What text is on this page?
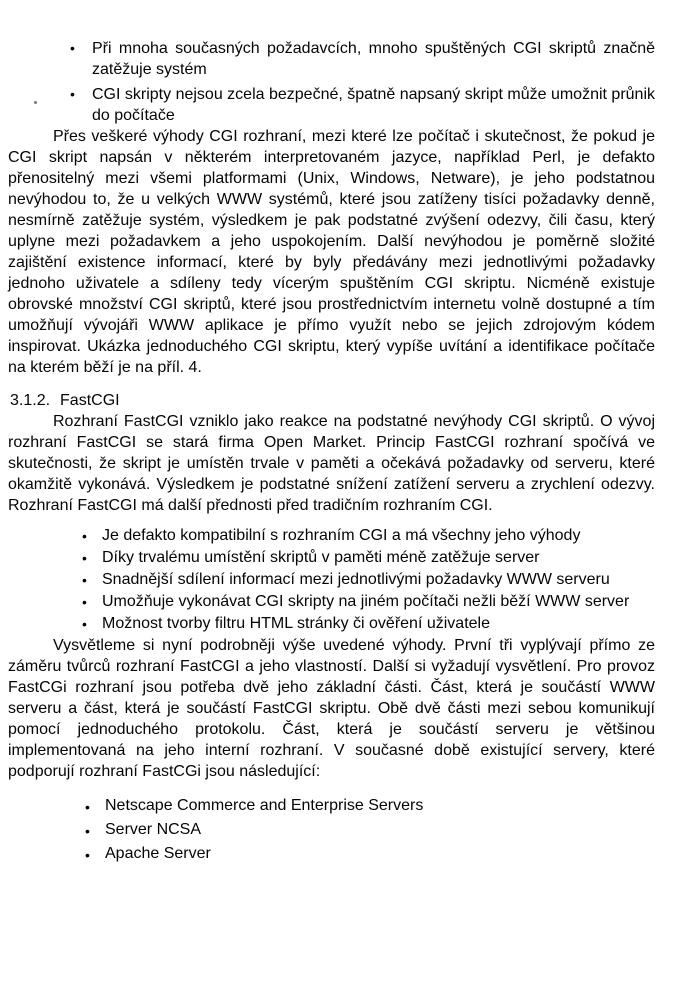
• Při mnoha současných požadavcích, mnoho spuštěných CGI skriptů značně zatěžuje systém
• CGI skripty nejsou zcela bezpečné, špatně napsaný skript může umožnit průnik do počítače

Přes veškeré výhody CGI rozhraní, mezi které lze počítač i skutečnost, že pokud je CGI skript napsán v některém interpretovaném jazyce, například Perl, je defakto přenositelný mezi všemi platformami (Unix, Windows, Netware), je jeho podstatnou nevýhodou to, že u velkých WWW systémů, které jsou zatíženy tisíci požadavky denně, nesmírně zatěžuje systém, výsledkem je pak podstatné zvýšení odezvy, čili času, který uplyne mezi požadavkem a jeho uspokojením. Další nevýhodou je poměrně složité zajištění existence informací, které by byly předávány mezi jednotlivými požadavky jednoho uživatele a sdíleny tedy vícerým spuštěním CGI skriptu. Nicméně existuje obrovské množství CGI skriptů, které jsou prostřednictvím internetu volně dostupné a tím umožňují vývojáři WWW aplikace je přímo využít nebo se jejich zdrojovým kódem inspirovat. Ukázka jednoduchého CGI skriptu, který vypíše uvítání a identifikace počítače na kterém běží je na příl. 4.

3.1.2. FastCGI

Rozhraní FastCGI vzniklo jako reakce na podstatné nevýhody CGI skriptů. O vývoj rozhraní FastCGI se stará firma Open Market. Princip FastCGI rozhraní spočívá ve skutečnosti, že skript je umístěn trvale v paměti a očekává požadavky od serveru, které okamžitě vykonává. Výsledkem je podstatné snížení zatížení serveru a zrychlení odezvy. Rozhraní FastCGI má další přednosti před tradičním rozhraním CGI.

• Je defakto kompatibilní s rozhraním CGI a má všechny jeho výhody
• Díky trvalému umístění skriptů v paměti méně zatěžuje server
• Snadnější sdílení informací mezi jednotlivými požadavky WWW serveru
• Umožňuje vykonávat CGI skripty na jiném počítači nežli běží WWW server
• Možnost tvorby filtru HTML stránky či ověření uživatele

Vysvětleme si nyní podrobněji výše uvedené výhody. První tři vyplývají přímo ze záměru tvůrců rozhraní FastCGI a jeho vlastností. Další si vyžadují vysvětlení. Pro provoz FastCGi rozhraní jsou potřeba dvě jeho základní části. Část, která je součástí WWW serveru a část, která je součástí FastCGI skriptu. Obě dvě části mezi sebou komunikují pomocí jednoduchého protokolu. Část, která je součástí serveru je většinou implementovaná na jeho interní rozhraní. V současné době existující servery, které podporují rozhraní FastCGi jsou následující:

• Netscape Commerce and Enterprise Servers
• Server NCSA
• Apache Server
